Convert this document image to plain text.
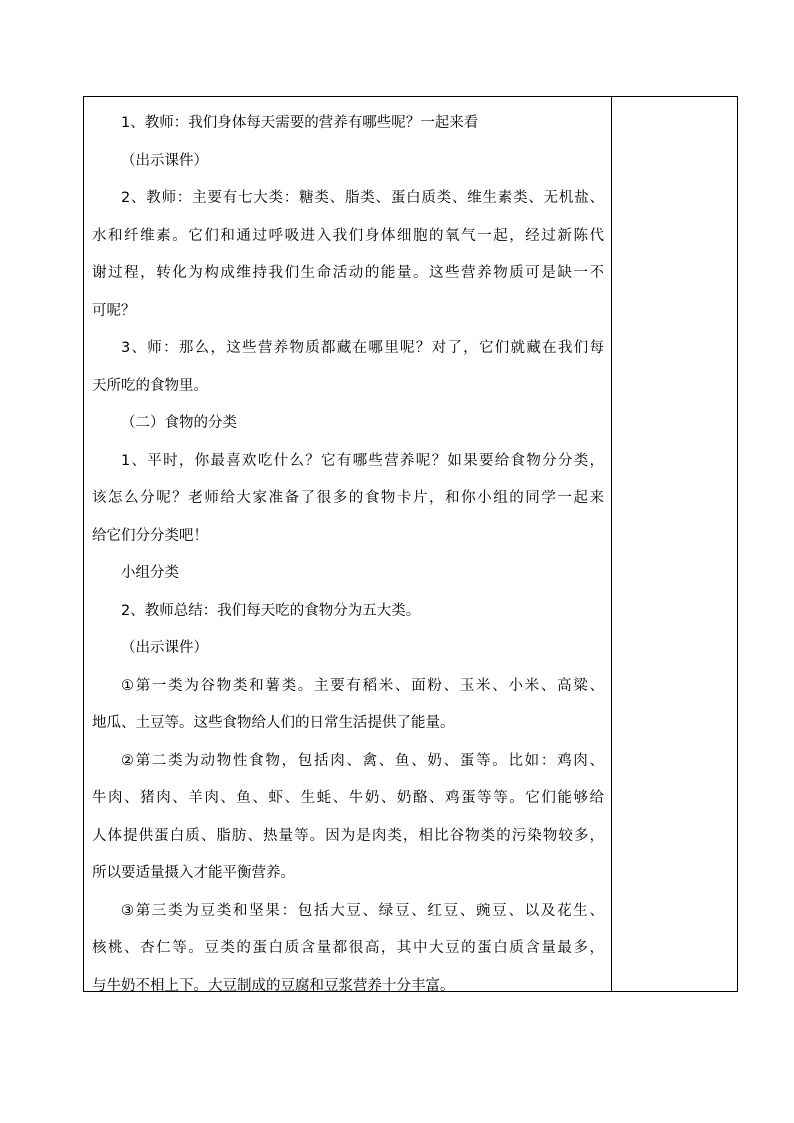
1、教师：我们身体每天需要的营养有哪些呢？一起来看
（出示课件）
2、教师：主要有七大类：糖类、脂类、蛋白质类、维生素类、无机盐、
水和纤维素。它们和通过呼吸进入我们身体细胞的氧气一起，经过新陈代
谢过程，转化为构成维持我们生命活动的能量。这些营养物质可是缺一不
可呢？
3、师：那么，这些营养物质都藏在哪里呢？对了，它们就藏在我们每
天所吃的食物里。
（二）食物的分类
1、平时，你最喜欢吃什么？它有哪些营养呢？如果要给食物分分类，
该怎么分呢？老师给大家准备了很多的食物卡片，和你小组的同学一起来
给它们分分类吧！
小组分类
2、教师总结：我们每天吃的食物分为五大类。
（出示课件）
①第一类为谷物类和薯类。主要有稻米、面粉、玉米、小米、高粱、
地瓜、土豆等。这些食物给人们的日常生活提供了能量。
②第二类为动物性食物，包括肉、禽、鱼、奶、蛋等。比如：鸡肉、
牛肉、猪肉、羊肉、鱼、虾、生蚝、牛奶、奶酪、鸡蛋等等。它们能够给
人体提供蛋白质、脂肪、热量等。因为是肉类，相比谷物类的污染物较多，
所以要适量摄入才能平衡营养。
③第三类为豆类和坚果：包括大豆、绿豆、红豆、豌豆、以及花生、
核桃、杏仁等。豆类的蛋白质含量都很高，其中大豆的蛋白质含量最多，
与牛奶不相上下。大豆制成的豆腐和豆浆营养十分丰富。
